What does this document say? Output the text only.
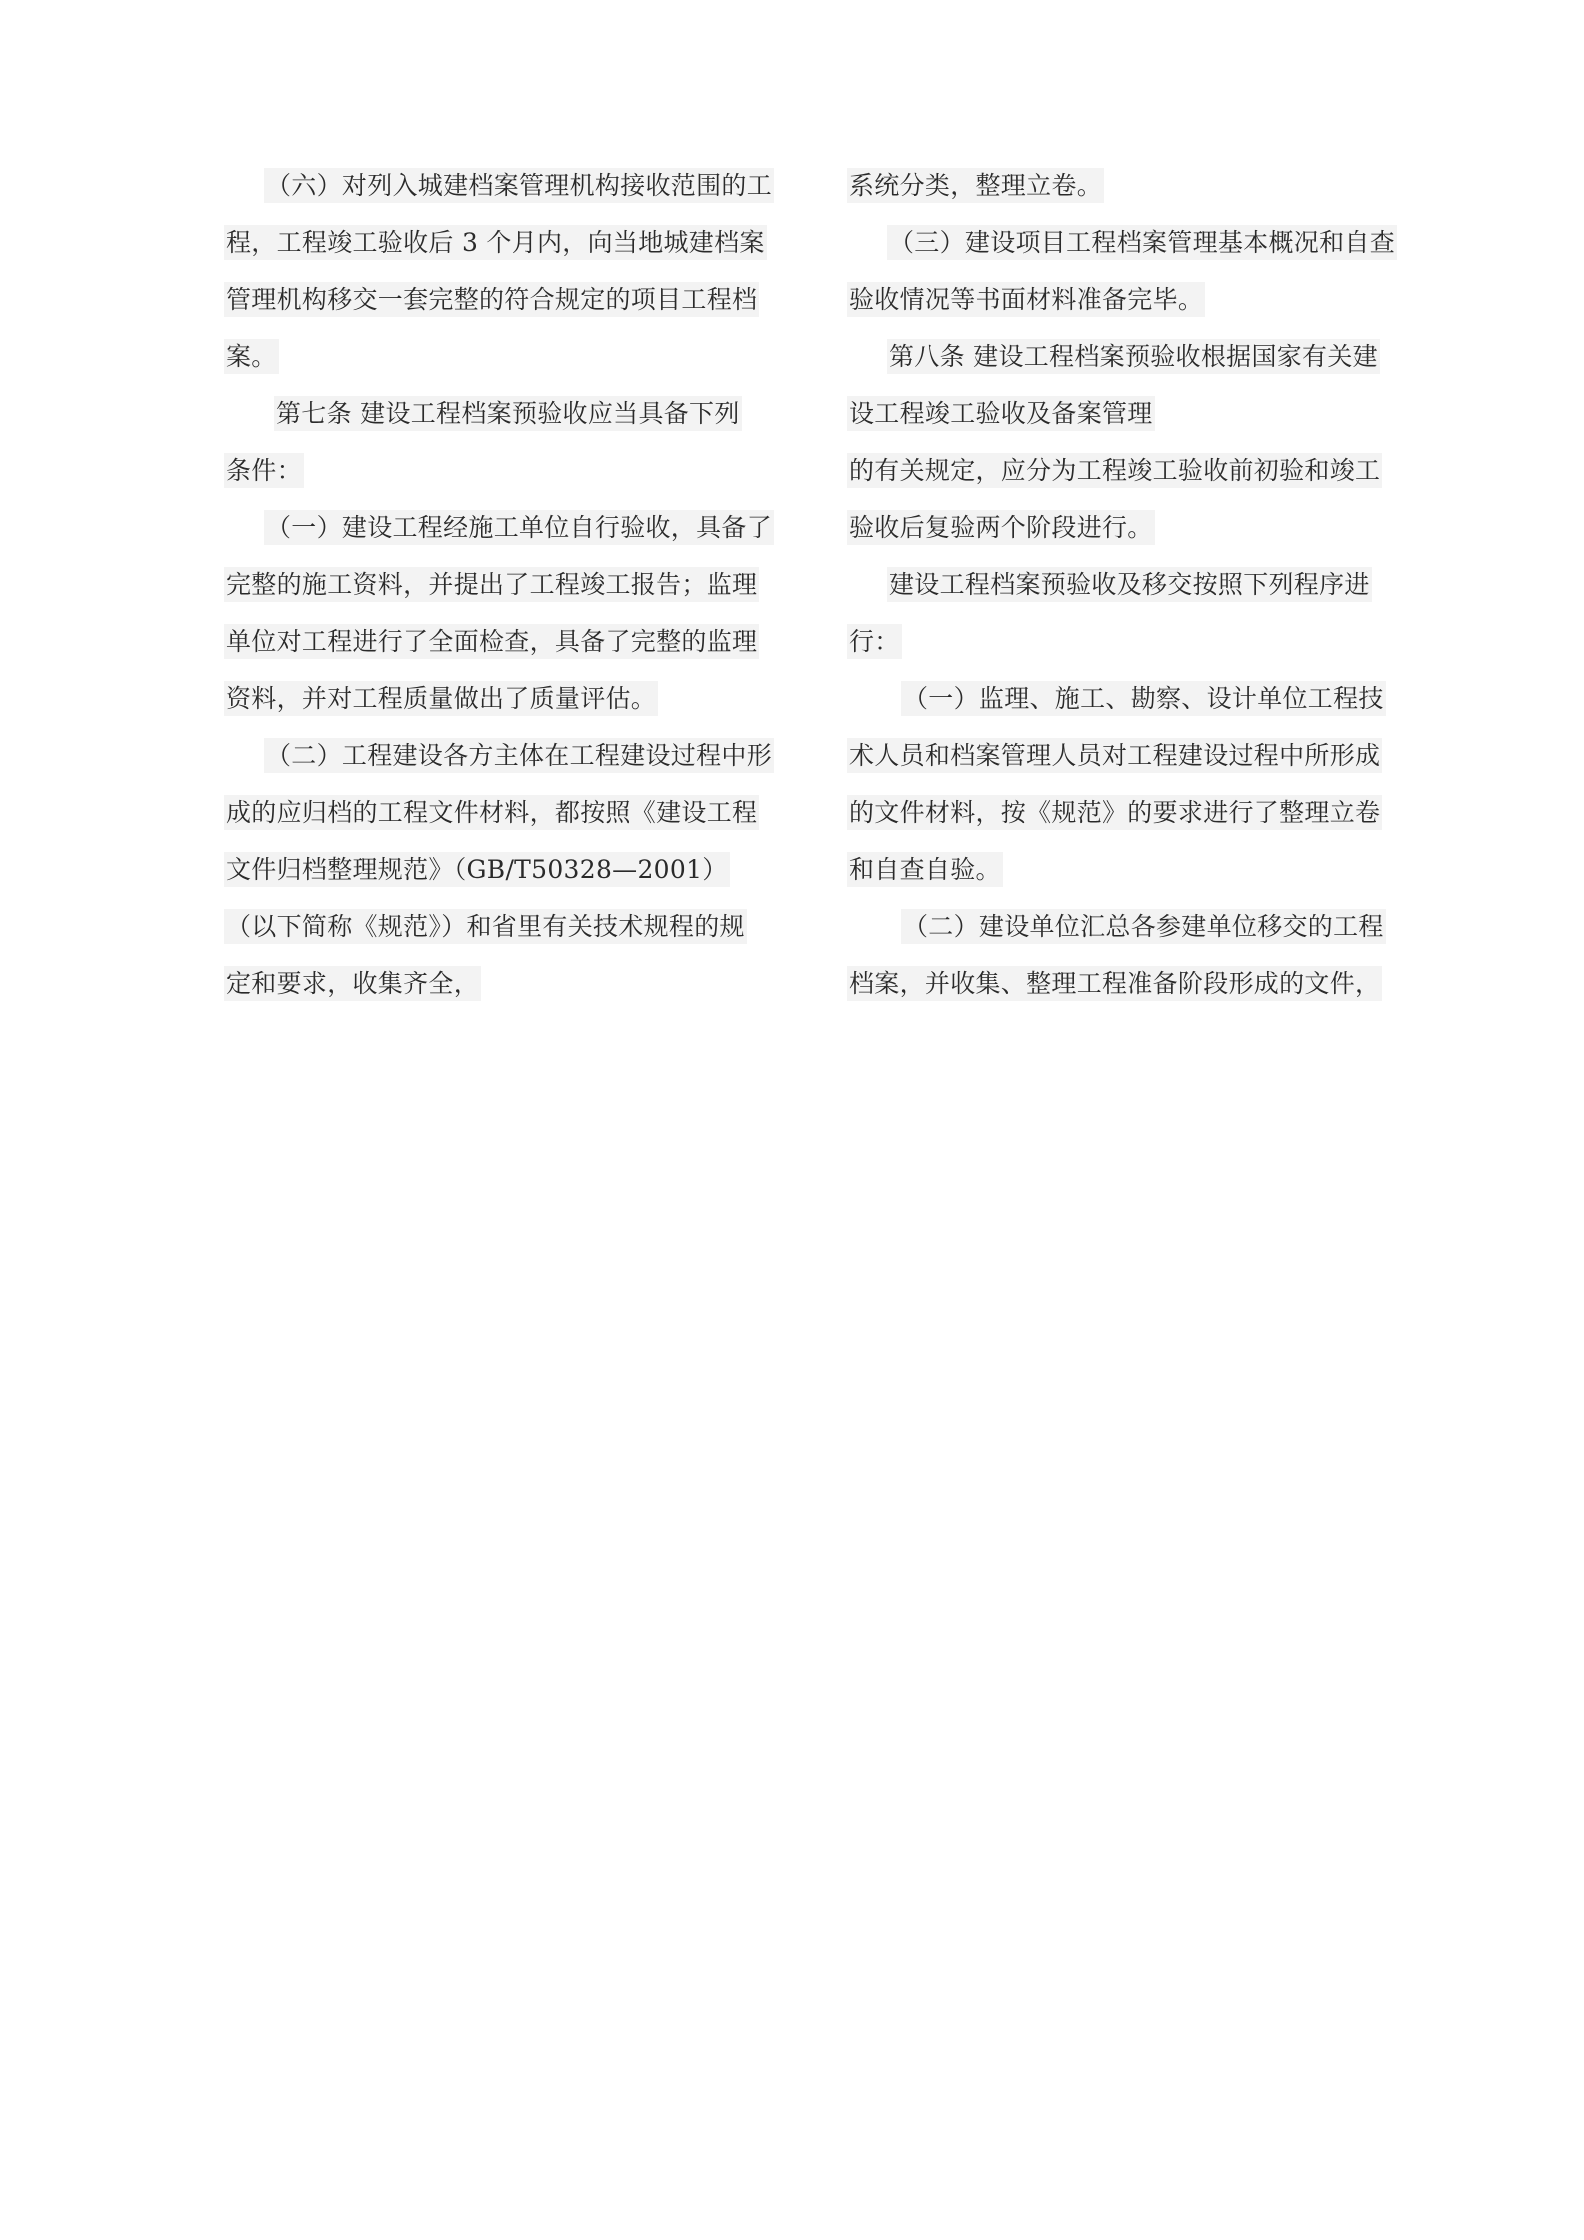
（六）对列入城建档案管理机构接收范围的工
程，工程竣工验收后 3 个月内，向当地城建档案
管理机构移交一套完整的符合规定的项目工程档
案。
第七条 建设工程档案预验收应当具备下列
条件：
（一）建设工程经施工单位自行验收，具备了
完整的施工资料，并提出了工程竣工报告；监理
单位对工程进行了全面检查，具备了完整的监理
资料，并对工程质量做出了质量评估。
（二）工程建设各方主体在工程建设过程中形
成的应归档的工程文件材料，都按照《建设工程
文件归档整理规范》（GB/T50328—2001）
（以下简称《规范》）和省里有关技术规程的规
定和要求，收集齐全，
系统分类，整理立卷。
（三）建设项目工程档案管理基本概况和自查
验收情况等书面材料准备完毕。
第八条 建设工程档案预验收根据国家有关建
设工程竣工验收及备案管理
的有关规定，应分为工程竣工验收前初验和竣工
验收后复验两个阶段进行。
建设工程档案预验收及移交按照下列程序进
行：
（一）监理、施工、勘察、设计单位工程技
术人员和档案管理人员对工程建设过程中所形成
的文件材料，按《规范》的要求进行了整理立卷
和自查自验。
（二）建设单位汇总各参建单位移交的工程
档案，并收集、整理工程准备阶段形成的文件，
